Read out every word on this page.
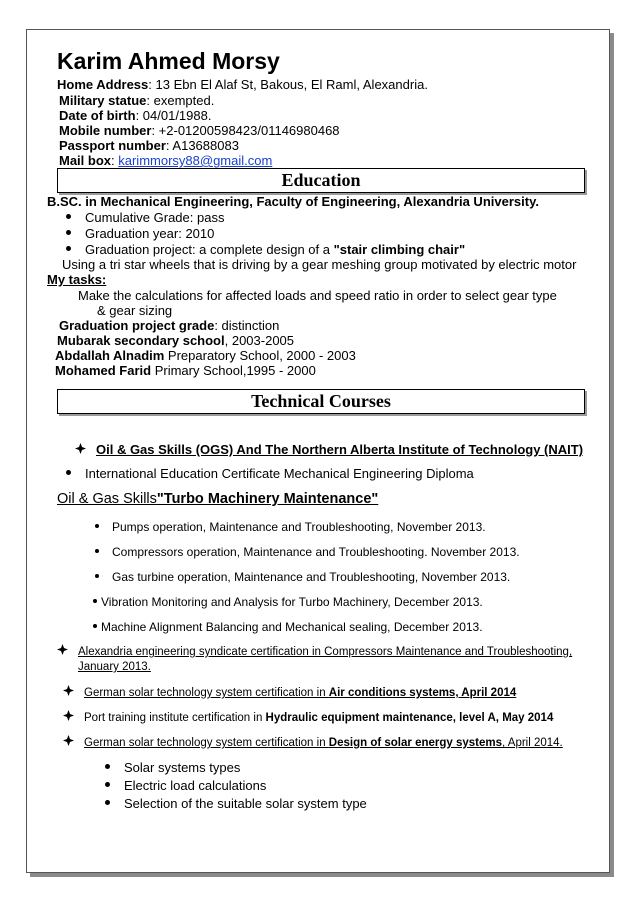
Karim Ahmed Morsy
Home Address: 13 Ebn El Alaf St, Bakous, El Raml, Alexandria.
Military statue: exempted.
Date of birth: 04/01/1988.
Mobile number: +2-01200598423/01146980468
Passport number: A13688083
Mail box: karimmorsy88@gmail.com
Education
B.SC. in Mechanical Engineering, Faculty of Engineering, Alexandria University.
Cumulative Grade: pass
Graduation year: 2010
Graduation project: a complete design of a "stair climbing chair"
Using a tri star wheels that is driving by a gear meshing group motivated by electric motor
My tasks:
Make the calculations for affected loads and speed ratio in order to select gear type
& gear sizing
Graduation project grade: distinction
Mubarak secondary school, 2003-2005
Abdallah Alnadim Preparatory School, 2000 - 2003
Mohamed Farid Primary School,1995 - 2000
Technical Courses
Oil & Gas Skills (OGS) And The Northern Alberta Institute of Technology (NAIT)
International Education Certificate Mechanical Engineering Diploma
Oil & Gas Skills"Turbo Machinery Maintenance"
Pumps operation, Maintenance and Troubleshooting, November 2013.
Compressors operation, Maintenance and Troubleshooting. November 2013.
Gas turbine operation, Maintenance and Troubleshooting, November 2013.
Vibration Monitoring and Analysis for Turbo Machinery, December 2013.
Machine Alignment Balancing and Mechanical sealing, December 2013.
Alexandria engineering syndicate certification in Compressors Maintenance and Troubleshooting,
January 2013.
German solar technology system certification in Air conditions systems, April 2014
Port training institute certification in Hydraulic equipment maintenance, level A, May 2014
German solar technology system certification in Design of solar energy systems, April 2014.
Solar systems types
Electric load calculations
Selection of the suitable solar system type
